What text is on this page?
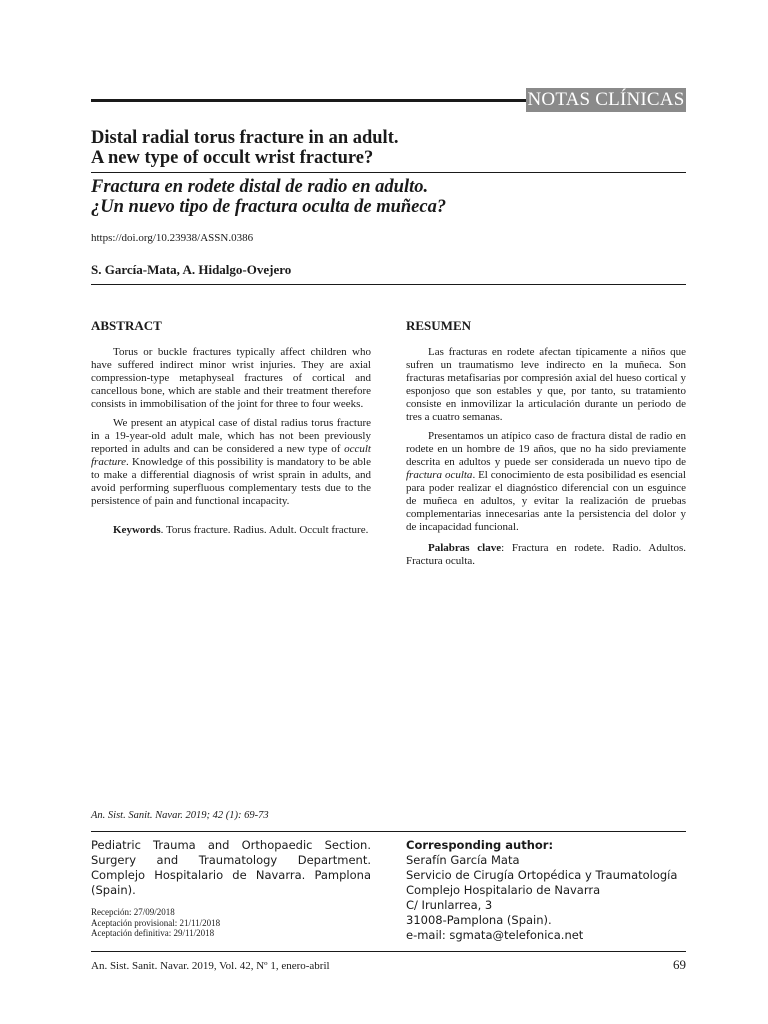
NOTAS CLÍNICAS
Distal radial torus fracture in an adult.
A new type of occult wrist fracture?
Fractura en rodete distal de radio en adulto.
¿Un nuevo tipo de fractura oculta de muñeca?
https://doi.org/10.23938/ASSN.0386
S. García-Mata, A. Hidalgo-Ovejero
ABSTRACT

Torus or buckle fractures typically affect children who have suffered indirect minor wrist injuries. They are axial compression-type metaphyseal fractures of cortical and cancellous bone, which are stable and their treatment therefore consists in immobilisation of the joint for three to four weeks.

We present an atypical case of distal radius torus fracture in a 19-year-old adult male, which has not been previously reported in adults and can be considered a new type of occult fracture. Knowledge of this possibility is mandatory to be able to make a differential diagnosis of wrist sprain in adults, and avoid performing superfluous complementary tests due to the persistence of pain and functional incapacity.

Keywords. Torus fracture. Radius. Adult. Occult fracture.

RESUMEN

Las fracturas en rodete afectan típicamente a niños que sufren un traumatismo leve indirecto en la muñeca. Son fracturas metafisarias por compresión axial del hueso cortical y esponjoso que son estables y que, por tanto, su tratamiento consiste en inmovilizar la articulación durante un periodo de tres a cuatro semanas.

Presentamos un atípico caso de fractura distal de radio en rodete en un hombre de 19 años, que no ha sido previamente descrita en adultos y puede ser considerada un nuevo tipo de fractura oculta. El conocimiento de esta posibilidad es esencial para poder realizar el diagnóstico diferencial con un esguince de muñeca en adultos, y evitar la realización de pruebas complementarias innecesarias ante la persistencia del dolor y de incapacidad funcional.

Palabras clave: Fractura en rodete. Radio. Adultos. Fractura oculta.

An. Sist. Sanit. Navar. 2019; 42 (1): 69-73
Pediatric Trauma and Orthopaedic Section. Surgery and Traumatology Department. Complejo Hospitalario de Navarra. Pamplona (Spain).
Recepción: 27/09/2018
Aceptación provisional: 21/11/2018
Aceptación definitiva: 29/11/2018
Corresponding author:
Serafín García Mata
Servicio de Cirugía Ortopédica y Traumatología
Complejo Hospitalario de Navarra
C/ Irunlarrea, 3
31008-Pamplona (Spain).
e-mail: sgmata@telefonica.net
An. Sist. Sanit. Navar. 2019, Vol. 42, Nº 1, enero-abril	69
